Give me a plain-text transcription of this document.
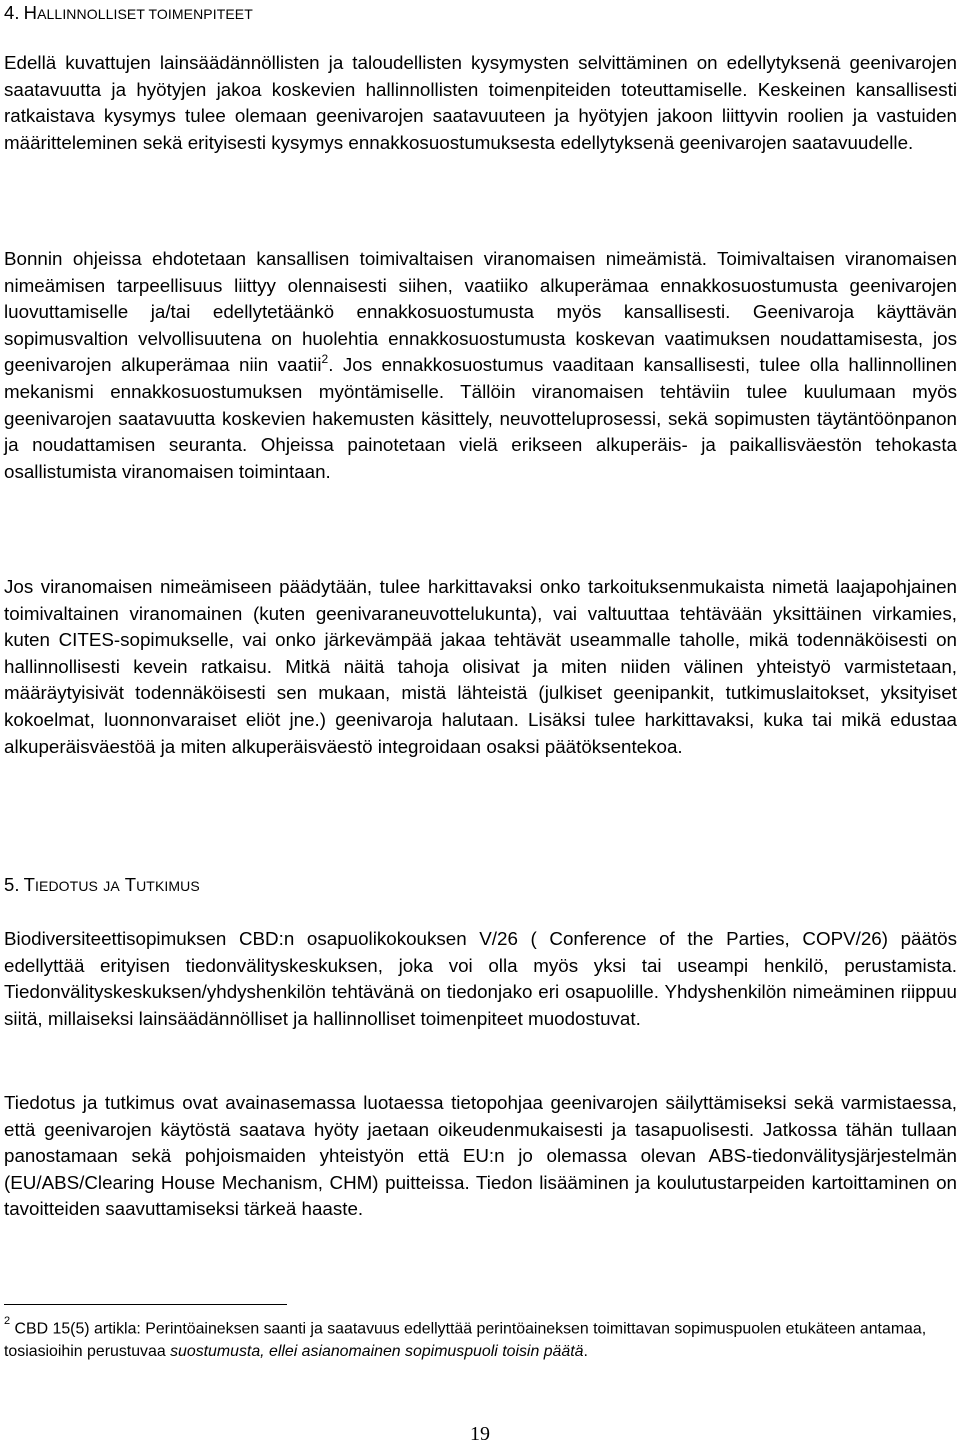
4. HALLINNOLLISET TOIMENPITEET

Edellä kuvattujen lainsäädännöllisten ja taloudellisten kysymysten selvittäminen on edellytyksenä geenivarojen saatavuutta ja hyötyjen jakoa koskevien hallinnollisten toimenpiteiden toteuttamiselle. Keskeinen kansallisesti ratkaistava kysymys tulee olemaan geenivarojen saatavuuteen ja hyötyjen jakoon liittyvin roolien ja vastuiden määritteleminen sekä erityisesti kysymys ennakkosuostumuksesta edellytyksenä geenivarojen saatavuudelle.

Bonnin ohjeissa ehdotetaan kansallisen toimivaltaisen viranomaisen nimeämistä. Toimivaltaisen viranomaisen nimeämisen tarpeellisuus liittyy olennaisesti siihen, vaatiiko alkuperämaa ennakkosuostumusta geenivarojen luovuttamiselle ja/tai edellytetäänkö ennakkosuostumusta myös kansallisesti. Geenivaroja käyttävän sopimusvaltion velvollisuutena on huolehtia ennakkosuostumusta koskevan vaatimuksen noudattamisesta, jos geenivarojen alkuperämaa niin vaatii$^2$. Jos ennakkosuostumus vaaditaan kansallisesti, tulee olla hallinnollinen mekanismi ennakkosuostumuksen myöntämiselle. Tällöin viranomaisen tehtäviin tulee kuulumaan myös geenivarojen saatavuutta koskevien hakemusten käsittely, neuvotteluprosessi, sekä sopimusten täytäntöönpanon ja noudattamisen seuranta. Ohjeissa painotetaan vielä erikseen alkuperäis- ja paikallisväestön tehokasta osallistumista viranomaisen toimintaan.

Jos viranomaisen nimeämiseen päädytään, tulee harkittavaksi onko tarkoituksenmukaista nimetä laajapohjainen toimivaltainen viranomainen (kuten geenivaraneuvottelukunta), vai valtuuttaa tehtävään yksittäinen virkamies, kuten CITES-sopimukselle, vai onko järkevämpää jakaa tehtävät useammalle taholle, mikä todennäköisesti on hallinnollisesti kevein ratkaisu. Mitkä näitä tahoja olisivat ja miten niiden välinen yhteistyö varmistetaan, määräytyisivät todennäköisesti sen mukaan, mistä lähteistä (julkiset geenipankit, tutkimuslaitokset, yksityiset kokoelmat, luonnonvaraiset eliöt jne.) geenivaroja halutaan. Lisäksi tulee harkittavaksi, kuka tai mikä edustaa alkuperäisväestöä ja miten alkuperäisväestö integroidaan osaksi päätöksentekoa.

5. TIEDOTUS JA TUTKIMUS

Biodiversiteettisopimuksen CBD:n osapuolikokouksen V/26 ( Conference of the Parties, COPV/26) päätös edellyttää erityisen tiedonvälityskeskuksen, joka voi olla myös yksi tai useampi henkilö, perustamista. Tiedonvälityskeskuksen/yhdyshenkilön tehtävänä on tiedonjako eri osapuolille. Yhdyshenkilön nimeäminen riippuu siitä, millaiseksi lainsäädännölliset ja hallinnolliset toimenpiteet muodostuvat.

Tiedotus ja tutkimus ovat avainasemassa luotaessa tietopohjaa geenivarojen säilyttämiseksi sekä varmistaessa, että geenivarojen käytöstä saatava hyöty jaetaan oikeudenmukaisesti ja tasapuolisesti. Jatkossa tähän tullaan panostamaan sekä pohjoismaiden yhteistyön että EU:n jo olemassa olevan ABS-tiedonvälitysjärjestelmän (EU/ABS/Clearing House Mechanism, CHM) puitteissa. Tiedon lisääminen ja koulutustarpeiden kartoittaminen on tavoitteiden saavuttamiseksi tärkeä haaste.

$^2$ CBD 15(5) artikla: Perintöaineksen saanti ja saatavuus edellyttää perintöaineksen toimittavan sopimuspuolen etukäteen antamaa, tosiasioihin perustuvaa suostumusta, ellei asianomainen sopimuspuoli toisin päätä.
19
